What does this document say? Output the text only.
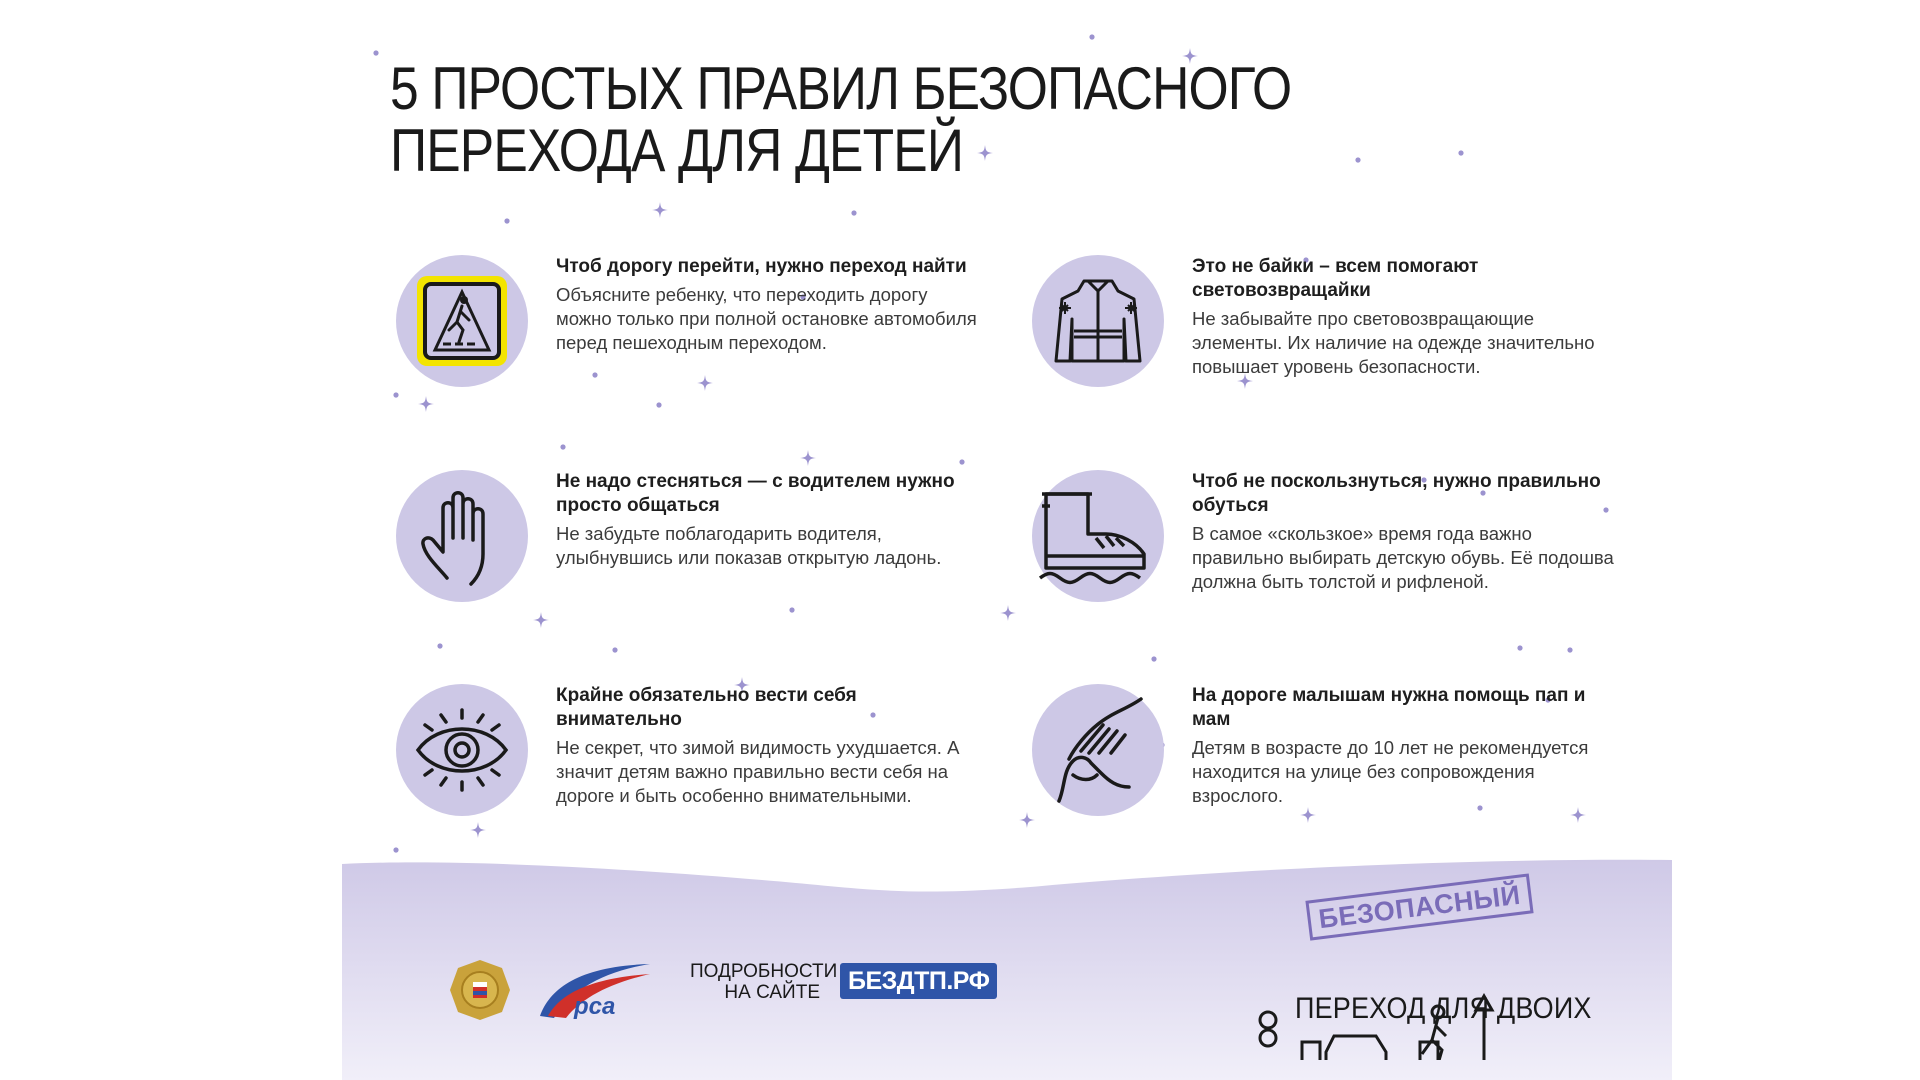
5 ПРОСТЫХ ПРАВИЛ БЕЗОПАСНОГО
ПЕРЕХОДА ДЛЯ ДЕТЕЙ
Чтоб дорогу перейти, нужно переход найти

Объясните ребенку, что переходить дорогу можно только при полной остановке автомобиля перед пешеходным переходом.

Это не байки – всем помогают световозвращайки

Не забывайте про световозвращающие элементы. Их наличие на одежде значительно повышает уровень безопасности.

Не надо стесняться — с водителем нужно просто общаться

Не забудьте поблагодарить водителя, улыбнувшись или показав открытую ладонь.

Чтоб не поскользнуться, нужно правильно обуться

В самое «скользкое» время года важно правильно выбирать детскую обувь. Её подошва должна быть толстой и рифленой.

Крайне обязательно вести себя внимательно

Не секрет, что зимой видимость ухудшается. А значит детям важно правильно вести себя на дороге и быть особенно внимательными.

На дороге малышам нужна помощь пап и мам

Детям в возрасте до 10 лет не рекомендуется находится на улице без сопровождения взрослого.

рса
ПОДРОБНОСТИ
НА САЙТЕ	БЕЗДТП.РФ
БЕЗОПАСНЫЙ
ПЕРЕХОД ДЛЯ ДВОИХ
